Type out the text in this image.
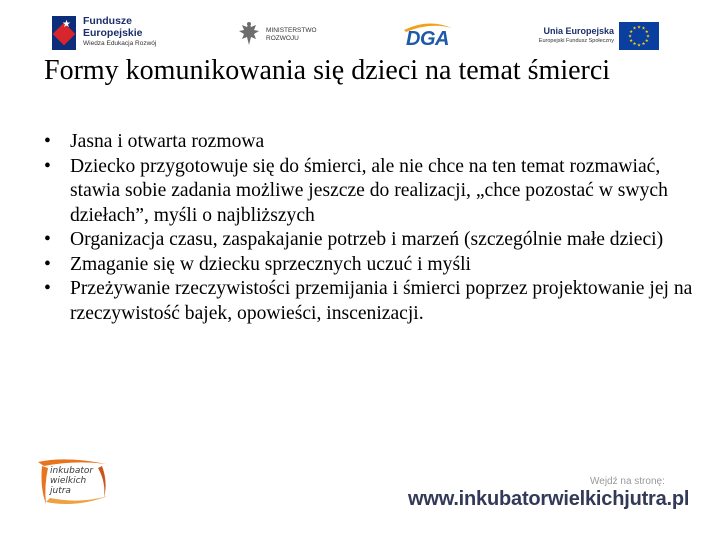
★ Fundusze
Europejskie
Wiedza Edukacja Rozwój
MINISTERSTWO
ROZWOJU	DGA	Unia Europejska
Europejski Fundusz Społeczny
★ ★
★
★
★
★
★
★
★
★
★
★
Formy komunikowania się dzieci na temat śmierci
• Jasna i otwarta rozmowa
• Dziecko przygotowuje się do śmierci, ale nie chce na ten temat rozmawiać, stawia sobie zadania możliwe jeszcze do realizacji, „chce pozostać w swych dziełach”, myśli o najbliższych
• Organizacja czasu, zaspakajanie potrzeb i marzeń (szczególnie małe dzieci)
• Zmaganie się w dziecku sprzecznych uczuć i myśli
• Przeżywanie rzeczywistości przemijania i śmierci poprzez projektowanie jej na rzeczywistość bajek, opowieści, inscenizacji.
inkubator
wielkich
jutra
Wejdź na stronę:
www.inkubatorwielkichjutra.pl
